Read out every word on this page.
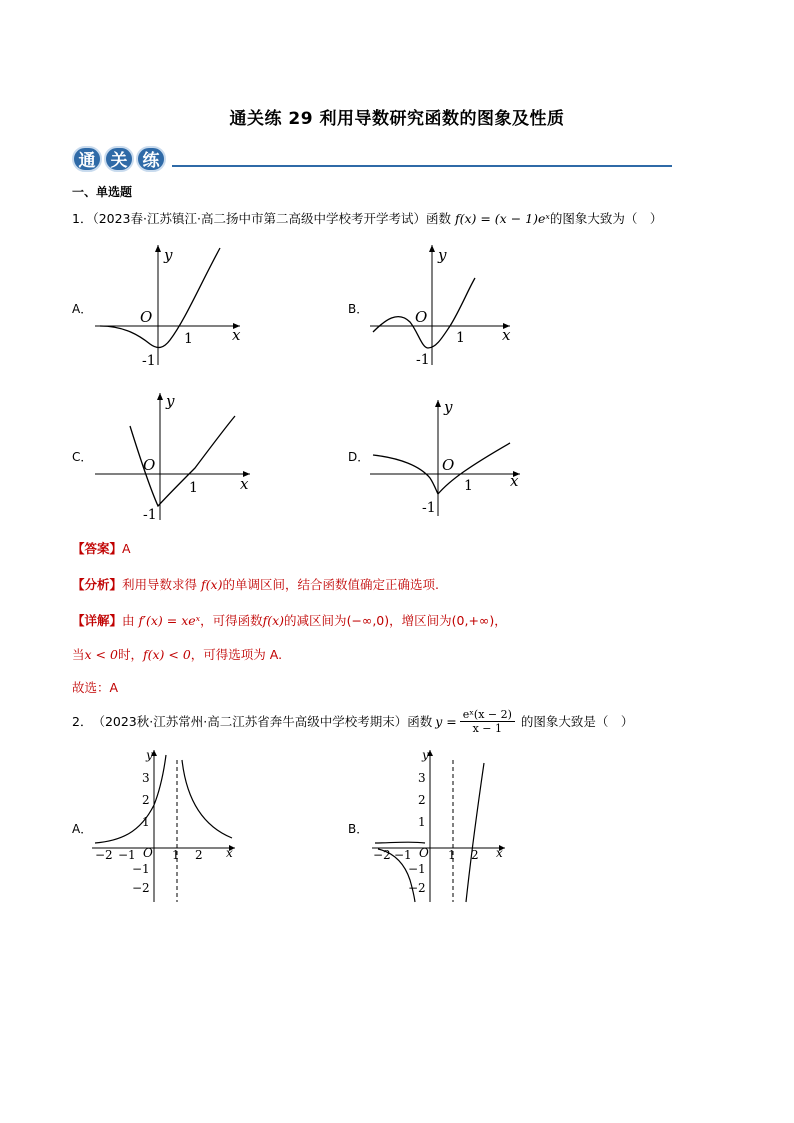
通关练 29 利用导数研究函数的图象及性质
通 关 练
一、单选题
1．（2023春·江苏镇江·高二扬中市第二高级中学校考开学考试）函数 f(x) = (x − 1)eˣ的图象大致为（　）
A．	B．
C．	D．
y
x
O
1
-1
y
x
O
1
-1
y
x
O
1
-1
y
x
O
1
-1
【答案】A
【分析】利用导数求得 f(x)的单调区间，结合函数值确定正确选项.
【详解】由 f′(x) = xeˣ，可得函数f(x)的减区间为(−∞,0)，增区间为(0,+∞)，
当x < 0时，f(x) < 0，可得选项为 A.
故选：A
2． （2023秋·江苏常州·高二江苏省奔牛高级中学校考期末）函数 $y = \frac{\text{eˣ(x − 2)}}{x - 1}$ 的图象大致是（　）
A．	B．
y
x
3
2
1
−1
−2
−2 −1 O 1 2
y
x
3
2
1
−1
−2
−2 −1 O 1 2
